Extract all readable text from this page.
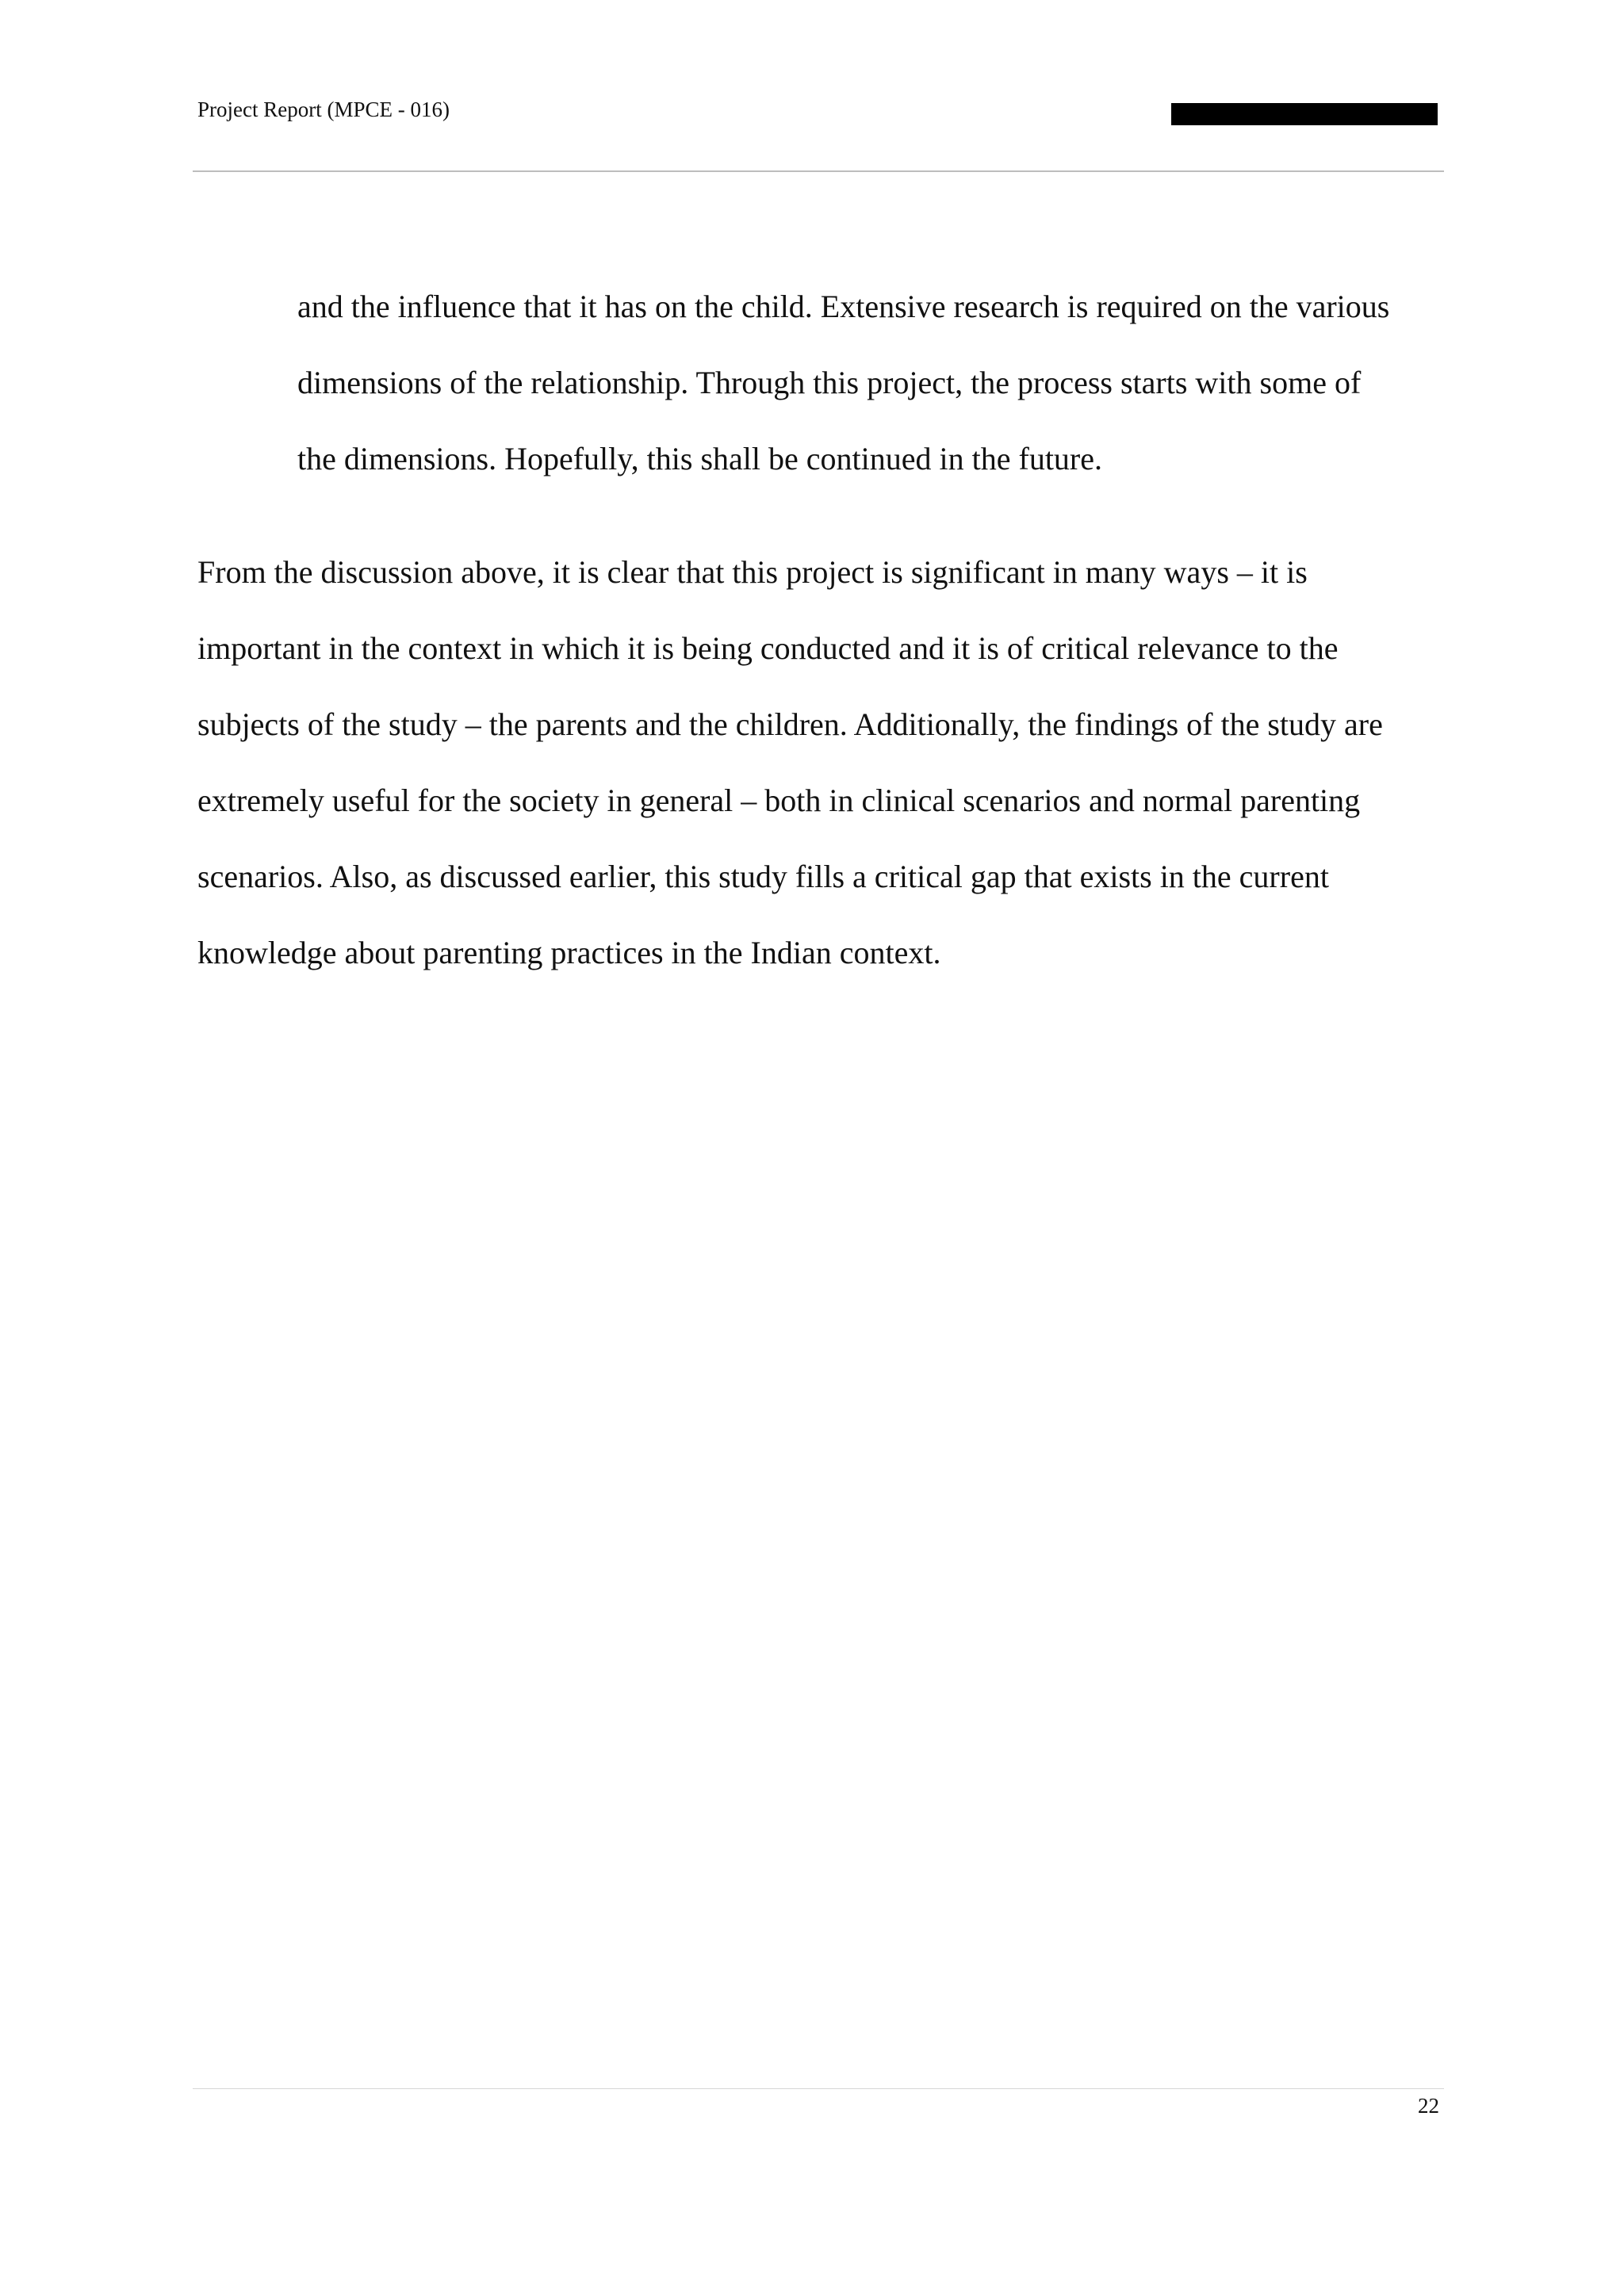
Project Report (MPCE - 016)

and the influence that it has on the child. Extensive research is required on the various
dimensions of the relationship. Through this project, the process starts with some of
the dimensions. Hopefully, this shall be continued in the future.

From the discussion above, it is clear that this project is significant in many ways – it is
important in the context in which it is being conducted and it is of critical relevance to the
subjects of the study – the parents and the children. Additionally, the findings of the study are
extremely useful for the society in general – both in clinical scenarios and normal parenting
scenarios. Also, as discussed earlier, this study fills a critical gap that exists in the current
knowledge about parenting practices in the Indian context.

22
